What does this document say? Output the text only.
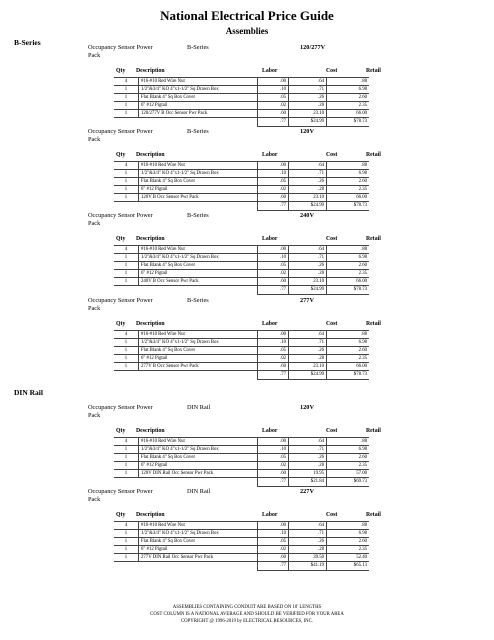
National Electrical Price Guide
Assemblies
B-Series
DIN Rail
Occupancy Sensor Power Pack
B-Series	120/277V
Qty Description	Labor	Cost	Retail
4	#16-#10 Red Wire Nut	.00	.64	.88
1	1/2"&3/4" KO 4"x1-1/2" Sq Drawn Box	.10	.71	6.98
1	Flat Blank 4" Sq Box Cover	.05	.26	2.60
1	6" #12 Pigtail	.02	.28	2.35
1	120/277V B Occ Sensor Pwr Pack	.60	23.10	66.00
		.77	$24.99	$78.73
Occupancy Sensor Power Pack
B-Series	120V
Qty Description	Labor	Cost	Retail
4	#16-#10 Red Wire Nut	.00	.64	.88
1	1/2"&3/4" KO 4"x1-1/2" Sq Drawn Box	.10	.71	6.98
1	Flat Blank 4" Sq Box Cover	.05	.26	2.60
1	6" #12 Pigtail	.02	.28	2.35
1	120V B Occ Sensor Pwr Pack	.60	23.10	66.00
		.77	$24.99	$78.73
Occupancy Sensor Power Pack
B-Series	240V
Qty Description	Labor	Cost	Retail
4	#16-#10 Red Wire Nut	.00	.64	.88
1	1/2"&3/4" KO 4"x1-1/2" Sq Drawn Box	.10	.71	6.98
1	Flat Blank 4" Sq Box Cover	.05	.26	2.60
1	6" #12 Pigtail	.02	.28	2.35
1	240V B Occ Sensor Pwr Pack	.60	23.10	66.00
		.77	$24.99	$78.73
Occupancy Sensor Power Pack
B-Series	277V
Qty Description	Labor	Cost	Retail
4	#16-#10 Red Wire Nut	.00	.64	.88
1	1/2"&3/4" KO 4"x1-1/2" Sq Drawn Box	.10	.71	6.98
1	Flat Blank 4" Sq Box Cover	.05	.26	2.60
1	6" #12 Pigtail	.02	.28	2.35
1	277V B Occ Sensor Pwr Pack	.60	23.10	66.00
		.77	$24.99	$78.73
Occupancy Sensor Power Pack
DIN Rail	120V
Qty Description	Labor	Cost	Retail
4	#16-#10 Red Wire Nut	.00	.64	.88
1	1/2"&3/4" KO 4"x1-1/2" Sq Drawn Box	.10	.71	6.98
1	Flat Blank 4" Sq Box Cover	.05	.26	2.60
1	6" #12 Pigtail	.02	.28	2.35
1	120V DIN Rail Occ Sensor Pwr Pack	.60	19.95	57.00
		.77	$21.84	$69.73
Occupancy Sensor Power Pack
DIN Rail	227V
Qty Description	Labor	Cost	Retail
4	#16-#10 Red Wire Nut	.00	.64	.88
1	1/2"&3/4" KO 4"x1-1/2" Sq Drawn Box	.10	.71	6.98
1	Flat Blank 4" Sq Box Cover	.05	.26	2.60
1	6" #12 Pigtail	.02	.28	2.35
1	277V DIN Rail Occ Sensor Pwr Pack	.60	39.50	52.40
		.77	$41.19	$65.13
ASSEMBLIES CONTAINING CONDUIT ARE BASED ON 10' LENGTHS
COST COLUMN IS A NATIONAL AVERAGE AND SHOULD BE VERIFIED FOR YOUR AREA
COPYRIGHT @ 1996-2019 by ELECTRICAL RESOURCES, INC.
